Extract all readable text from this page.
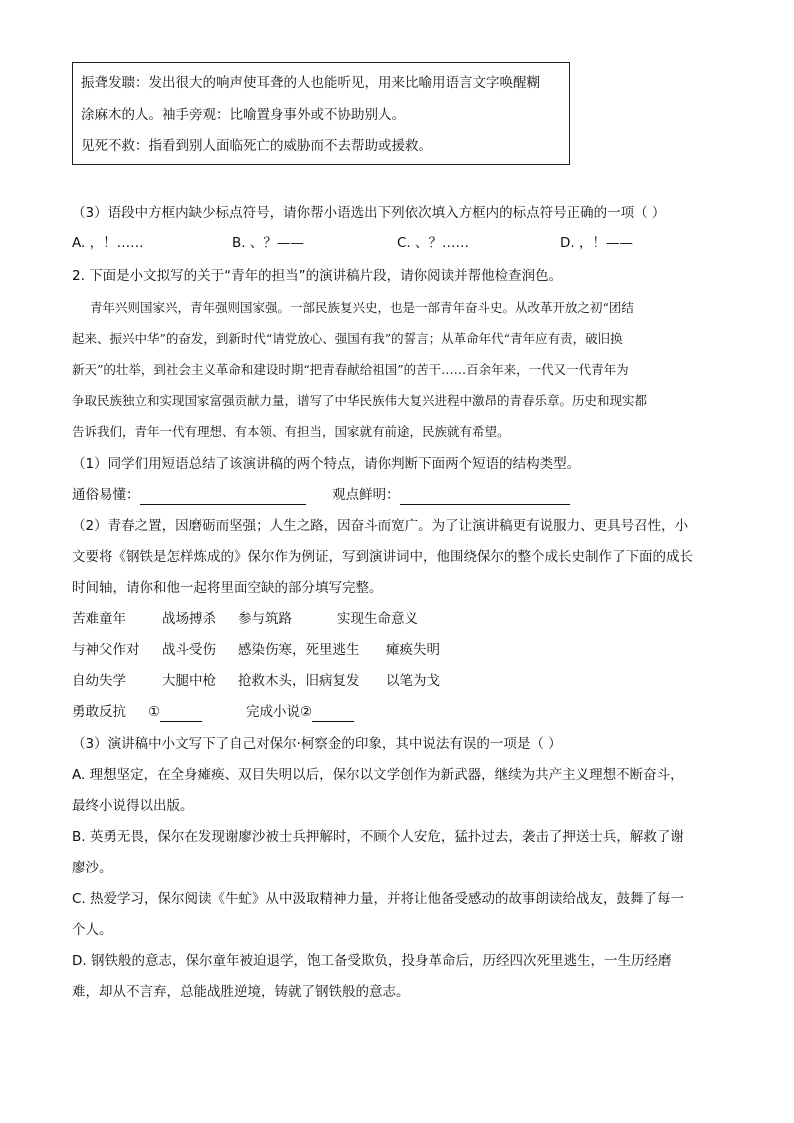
振聋发聩：发出很大的响声使耳聋的人也能听见，用来比喻用语言文字唤醒糊
涂麻木的人。袖手旁观：比喻置身事外或不协助别人。
见死不救：指看到别人面临死亡的威胁而不去帮助或援救。
（3）语段中方框内缺少标点符号，请你帮小语选出下列依次填入方框内的标点符号正确的一项（ ）
A. ，！……	B. 、？——	C. 、？……	D. ，！——
2. 下面是小文拟写的关于“青年的担当”的演讲稿片段，请你阅读并帮他检查润色。
青年兴则国家兴，青年强则国家强。一部民族复兴史，也是一部青年奋斗史。从改革开放之初“团结
起来、振兴中华”的奋发，到新时代“请党放心、强国有我”的誓言；从革命年代“青年应有责，破旧换
新天”的壮举，到社会主义革命和建设时期“把青春献给祖国”的苦干……百余年来，一代又一代青年为
争取民族独立和实现国家富强贡献力量，谱写了中华民族伟大复兴进程中激昂的青春乐章。历史和现实都
告诉我们，青年一代有理想、有本领、有担当，国家就有前途，民族就有希望。
（1）同学们用短语总结了该演讲稿的两个特点，请你判断下面两个短语的结构类型。
通俗易懂：	观点鲜明：
（2）青春之置，因磨砺而坚强；人生之路，因奋斗而宽广。为了让演讲稿更有说服力、更具号召性，小
文要将《钢铁是怎样炼成的》保尔作为例证，写到演讲词中，他围绕保尔的整个成长史制作了下面的成长
时间轴，请你和他一起将里面空缺的部分填写完整。
苦难童年	战场搏杀 参与筑路	实现生命意义
与神父作对 战斗受伤 感染伤寒，死里逃生 瘫痪失明
自幼失学	大腿中枪 抢救木头，旧病复发 以笔为戈
勇敢反抗 ①	完成小说②
（3）演讲稿中小文写下了自己对保尔·柯察金的印象，其中说法有误的一项是（ ）
A. 理想坚定，在全身瘫痪、双目失明以后，保尔以文学创作为新武器，继续为共产主义理想不断奋斗，
最终小说得以出版。
B. 英勇无畏，保尔在发现谢廖沙被士兵押解时，不顾个人安危，猛扑过去，袭击了押送士兵，解救了谢
廖沙。
C. 热爱学习，保尔阅读《牛虻》从中汲取精神力量，并将让他备受感动的故事朗读给战友，鼓舞了每一
个人。
D. 钢铁般的意志，保尔童年被迫退学，饱工备受欺负，投身革命后，历经四次死里逃生，一生历经磨
难，却从不言弃，总能战胜逆境，铸就了钢铁般的意志。
